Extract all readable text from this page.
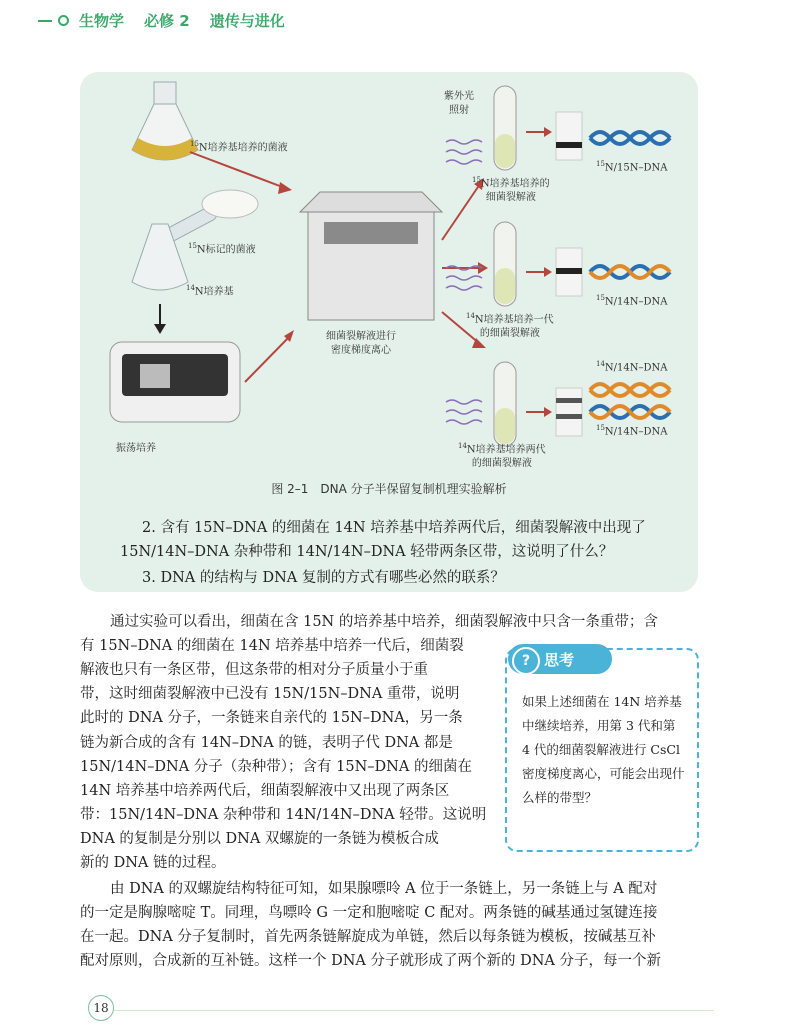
生物学 必修 2 遗传与进化
$^{15}$N培养基培养的菌液
$^{15}$N标记的菌液
$^{14}$N培养基
振荡培养
细菌裂解液进行
密度梯度离心
紫外光
照射
$^{15}$N培养基培养的
细菌裂解液
$^{14}$N培养基培养一代
的细菌裂解液
$^{14}$N培养基培养两代
的细菌裂解液
$^{15}$N/15N–DNA
$^{15}$N/14N–DNA
$^{14}$N/14N–DNA
$^{15}$N/14N–DNA
图 2–1　DNA 分子半保留复制机理实验解析
2. 含有 15N–DNA 的细菌在 14N 培养基中培养两代后，细菌裂解液中出现了
15N/14N–DNA 杂种带和 14N/14N–DNA 轻带两条区带，这说明了什么？
3. DNA 的结构与 DNA 复制的方式有哪些必然的联系？
通过实验可以看出，细菌在含 15N 的培养基中培养，细菌裂解液中只含一条重带；含
有 15N–DNA 的细菌在 14N 培养基中培养一代后，细菌裂
解液也只有一条区带，但这条带的相对分子质量小于重
带，这时细菌裂解液中已没有 15N/15N–DNA 重带，说明
此时的 DNA 分子，一条链来自亲代的 15N–DNA，另一条
链为新合成的含有 14N–DNA 的链，表明子代 DNA 都是
15N/14N–DNA 分子（杂种带）；含有 15N–DNA 的细菌在
14N 培养基中培养两代后，细菌裂解液中又出现了两条区
带：15N/14N–DNA 杂种带和 14N/14N–DNA 轻带。这说明
DNA 的复制是分别以 DNA 双螺旋的一条链为模板合成
新的 DNA 链的过程。
由 DNA 的双螺旋结构特征可知，如果腺嘌呤 A 位于一条链上，另一条链上与 A 配对
的一定是胸腺嘧啶 T。同理，鸟嘌呤 G 一定和胞嘧啶 C 配对。两条链的碱基通过氢键连接
在一起。DNA 分子复制时，首先两条链解旋成为单链，然后以每条链为模板，按碱基互补
配对原则，合成新的互补链。这样一个 DNA 分子就形成了两个新的 DNA 分子，每一个新
? 思考
如果上述细菌在 14N 培养基中继续培养，用第 3 代和第 4 代的细菌裂解液进行 CsCl 密度梯度离心，可能会出现什么样的带型？
18
